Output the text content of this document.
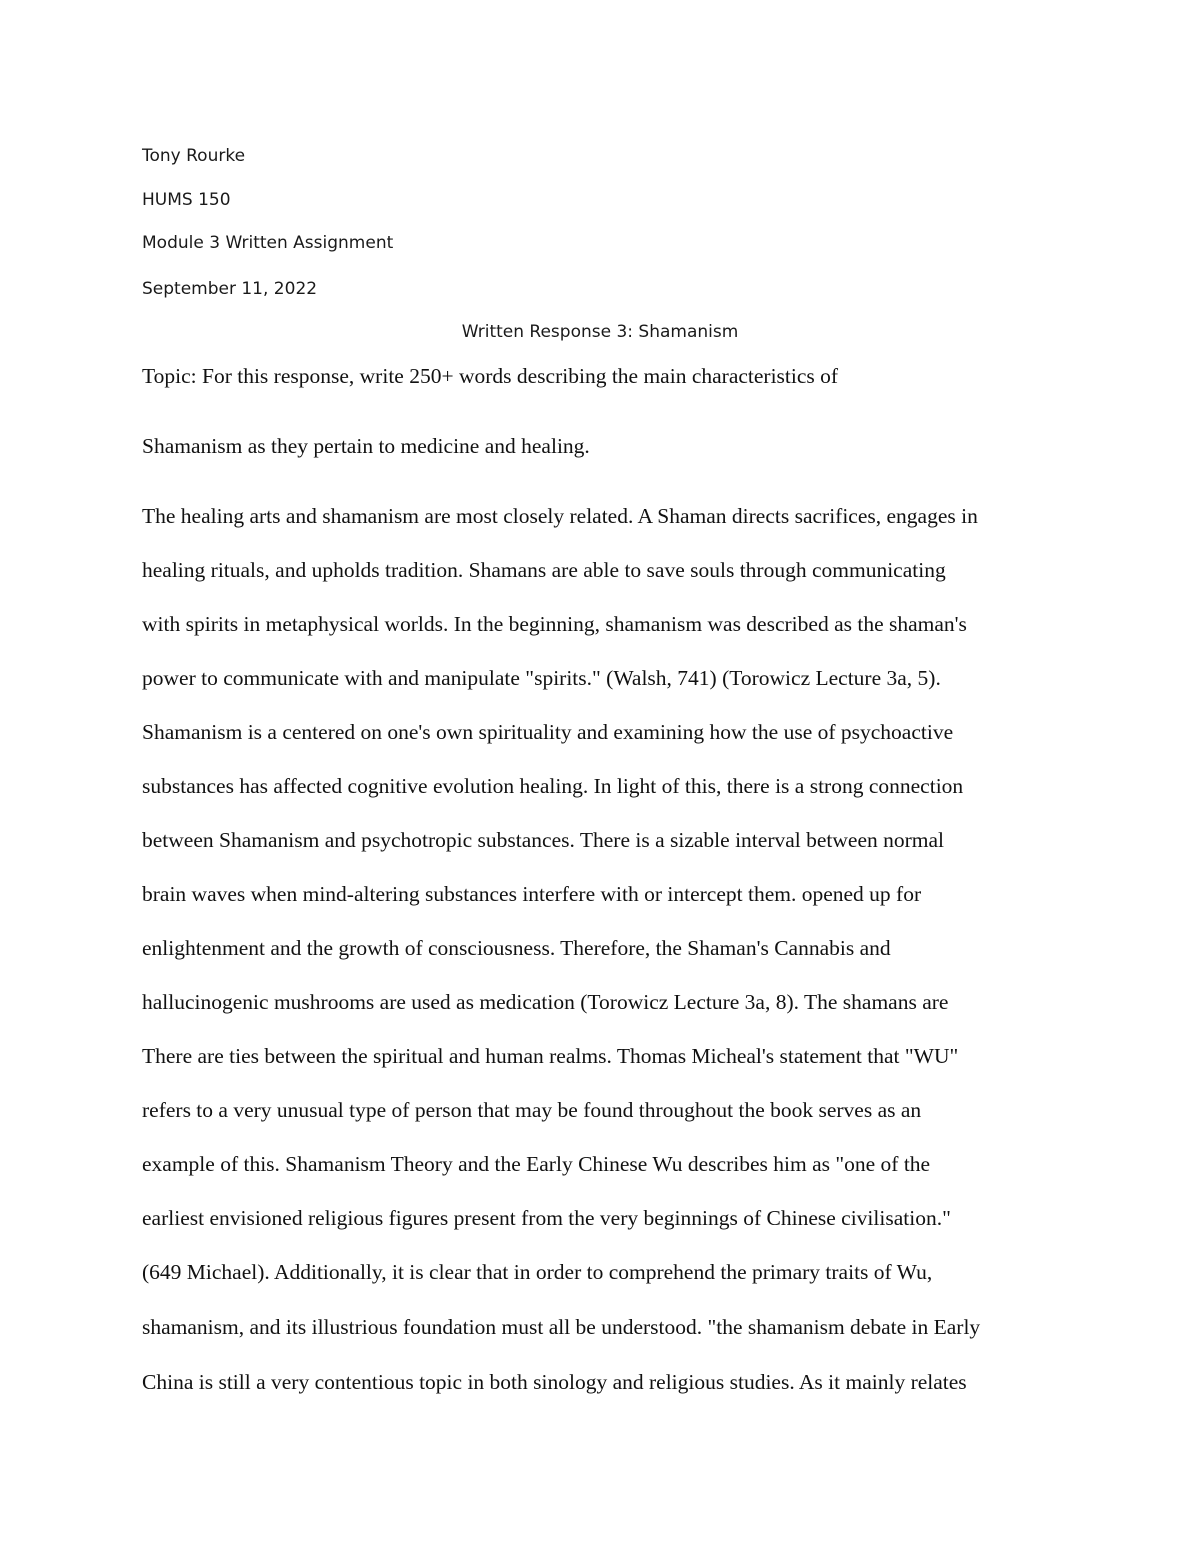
Tony Rourke
HUMS 150
Module 3 Written Assignment
September 11, 2022
Written Response 3: Shamanism
Topic: For this response, write 250+ words describing the main characteristics of
Shamanism as they pertain to medicine and healing.
The healing arts and shamanism are most closely related. A Shaman directs sacrifices, engages in
healing rituals, and upholds tradition. Shamans are able to save souls through communicating
with spirits in metaphysical worlds. In the beginning, shamanism was described as the shaman's
power to communicate with and manipulate "spirits." (Walsh, 741) (Torowicz Lecture 3a, 5).
Shamanism is a centered on one's own spirituality and examining how the use of psychoactive
substances has affected cognitive evolution healing. In light of this, there is a strong connection
between Shamanism and psychotropic substances. There is a sizable interval between normal
brain waves when mind-altering substances interfere with or intercept them. opened up for
enlightenment and the growth of consciousness. Therefore, the Shaman's Cannabis and
hallucinogenic mushrooms are used as medication (Torowicz Lecture 3a, 8). The shamans are
There are ties between the spiritual and human realms. Thomas Micheal's statement that "WU"
refers to a very unusual type of person that may be found throughout the book serves as an
example of this. Shamanism Theory and the Early Chinese Wu describes him as "one of the
earliest envisioned religious figures present from the very beginnings of Chinese civilisation."
(649 Michael). Additionally, it is clear that in order to comprehend the primary traits of Wu,
shamanism, and its illustrious foundation must all be understood. "the shamanism debate in Early
China is still a very contentious topic in both sinology and religious studies. As it mainly relates
